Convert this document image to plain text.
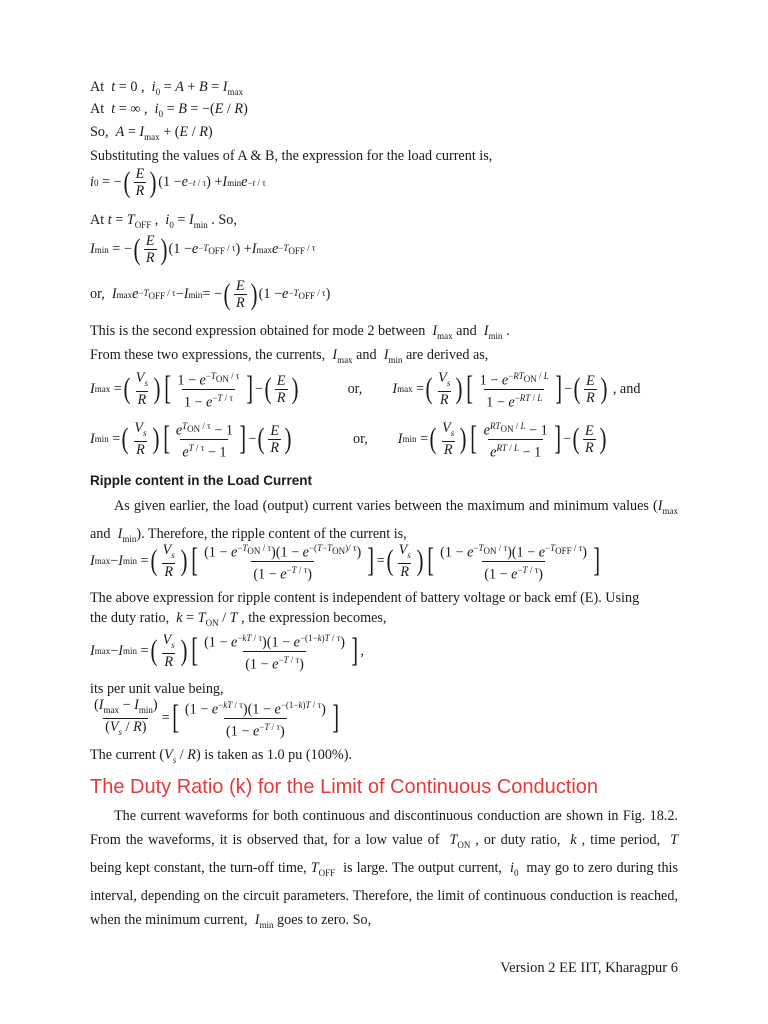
At  t = 0 ,  $i_0 = A + B = I_{max}$
At  t = ∞ ,  $i_0 = B = -(E / R)$
So,  $A = I_{max} + (E / R)$
Substituting the values of A & B, the expression for the load current is,
i 0 = − ( $\frac{E}{R}$ ) (1 − e −t / τ ) + I min e −t / τ
At $t = T_{OFF}$ ,  $i_0 = I_{min}$ . So,
I min = − ( $\frac{E}{R}$ ) ($1 - e -T_{OFF} / \tau$ ) + I $\max e -T_{OFF} / \tau$
or, I $\max e -T_{OFF} / \tau - I$ min = − ( $\frac{E}{R}$ ) ($1 - e -T_{OFF} / \tau$ )
This is the second expression obtained for mode 2 between  $I_{max}$ and  $I_{min}$ .
From these two expressions, the currents,  $I_{max}$ and  $I_{min}$ are derived as,
I max = ( $\frac{V_s}{R}$ ) [ $\frac{1 - e^{-T_{ON} / \tau}}{1 - e^{-T / \tau}}$ ] − ( $\frac{E}{R}$ )	or, I max = ( $\frac{V_s}{R}$ ) [ $\frac{1 - e^{-RT_{ON} / L}}{1 - e^{-RT / L}}$ ] − ( $\frac{E}{R}$ ) , and
I min = ( $\frac{V_s}{R}$ ) [ $\frac{e^{T_{ON} / \tau} - 1}{e^{T / \tau} - 1}$ ] − ( $\frac{E}{R}$ )	or, I min = ( $\frac{V_s}{R}$ ) [ $\frac{e^{RT_{ON} / L} - 1}{e^{RT / L} - 1}$ ] − ( $\frac{E}{R}$ )
Ripple content in the Load Current
As given earlier, the load (output) current varies between the maximum and minimum values ($I_{max}$ and  $I_{min}$). Therefore, the ripple content of the current is,
I max − I min = ( $\frac{V_s}{R}$ ) [ $\frac{(1 - e^{-T_{ON} / \tau})(1 - e^{-(T-T_{ON})/ \tau})}{(1 - e^{-T / \tau})}$ ] = ( $\frac{V_s}{R}$ ) [ $\frac{(1 - e^{-T_{ON} / \tau})(1 - e^{-T_{OFF} / \tau})}{(1 - e^{-T / \tau})}$ ]
The above expression for ripple content is independent of battery voltage or back emf (E). Using
the duty ratio,  $k = T_{ON} / T$ , the expression becomes,
I max − I min = ( $\frac{V_s}{R}$ ) [ $\frac{(1 - e^{-kT / \tau})(1 - e^{-(1-k)T / \tau})}{(1 - e^{-T / \tau})}$ ] ,
its per unit value being,
$\frac{(I_{max} - I_{min})}{(V_s / R)}$ = [ $\frac{(1 - e^{-kT / \tau})(1 - e^{-(1-k)T / \tau})}{(1 - e^{-T / \tau})}$ ]
The current $(V_s / R)$ is taken as 1.0 pu (100%).
The Duty Ratio (k) for the Limit of Continuous Conduction
The current waveforms for both continuous and discontinuous conduction are shown in Fig. 18.2. From the waveforms, it is observed that, for a low value of  $T_{ON}$ , or duty ratio,  k , time period,  T being kept constant, the turn-off time, $T_{OFF}$  is large. The output current,  $i_0$  may go to zero during this interval, depending on the circuit parameters. Therefore, the limit of continuous conduction is reached, when the minimum current,  $I_{min}$ goes to zero. So,
Version 2 EE IIT, Kharagpur 6
